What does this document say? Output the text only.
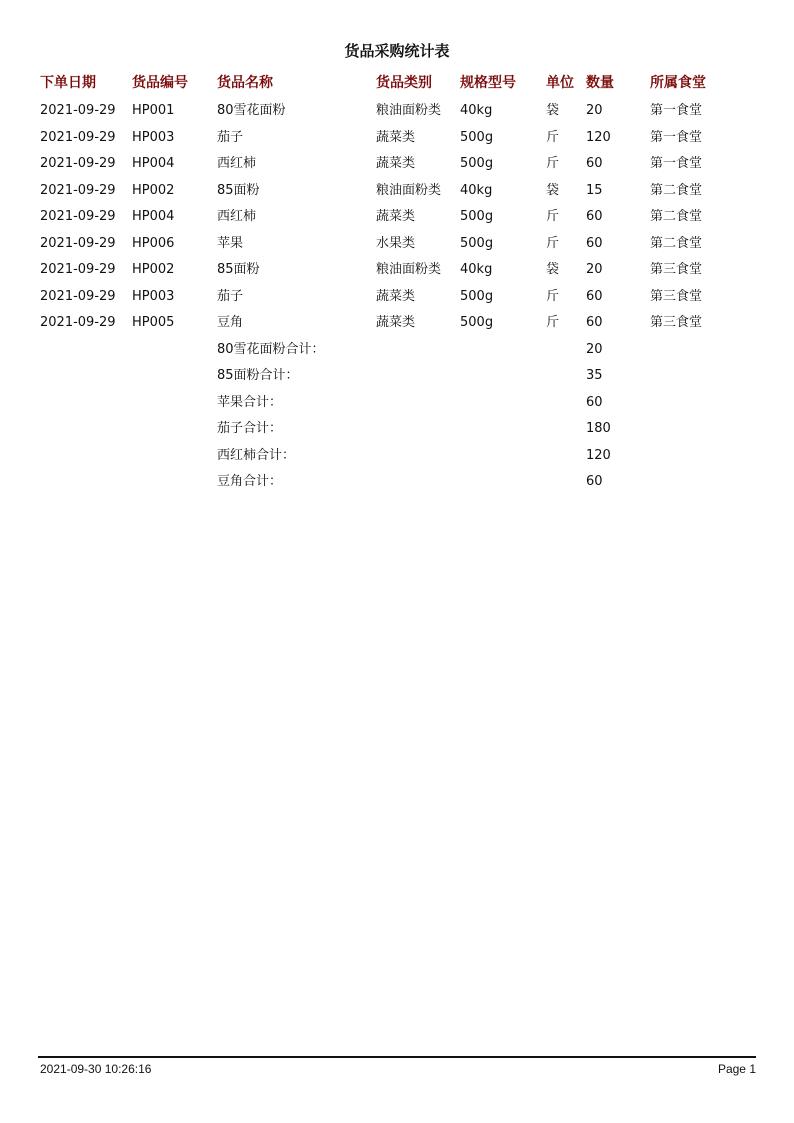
货品采购统计表
下单日期	货品编号 货品名称	货品类别 规格型号 单位 数量	所属食堂
2021-09-29 HP001	80雪花面粉	粮油面粉类 40kg	袋 20	第一食堂
2021-09-29 HP003	茄子	蔬菜类	500g	斤 120	第一食堂
2021-09-29 HP004	西红柿	蔬菜类	500g	斤 60	第一食堂
2021-09-29 HP002	85面粉	粮油面粉类 40kg	袋 15	第二食堂
2021-09-29 HP004	西红柿	蔬菜类	500g	斤 60	第二食堂
2021-09-29 HP006	苹果	水果类	500g	斤 60	第二食堂
2021-09-29 HP002	85面粉	粮油面粉类 40kg	袋 20	第三食堂
2021-09-29 HP003	茄子	蔬菜类	500g	斤 60	第三食堂
2021-09-29 HP005	豆角	蔬菜类	500g	斤 60	第三食堂
80雪花面粉合计：	20
85面粉合计：	35
苹果合计：	60
茄子合计：	180
西红柿合计：	120
豆角合计：	60
2021-09-30 10:26:16	Page 1
